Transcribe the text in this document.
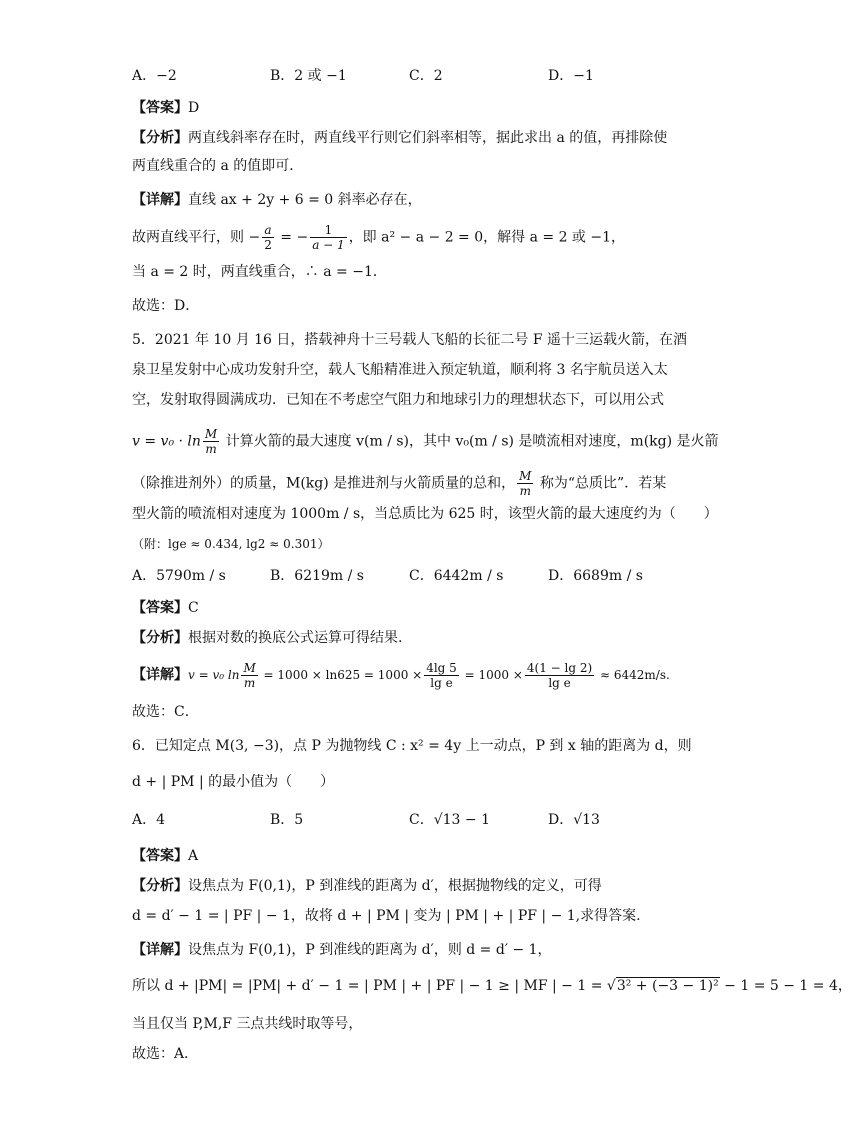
A．−2	B．2 或 −1	C．2	D．−1
【答案】D
【分析】两直线斜率存在时，两直线平行则它们斜率相等，据此求出 a 的值，再排除使
两直线重合的 a 的值即可．
【详解】直线 ax + 2y + 6 = 0 斜率必存在，
故两直线平行，则 − $\frac{a}{2}$ = − $\frac{1}{a - 1}$ ，即 a² − a − 2 = 0，解得 a = 2 或 −1，
当 a = 2 时，两直线重合，∴ a = −1．
故选：D．
5．2021 年 10 月 16 日，搭载神舟十三号载人飞船的长征二号 F 遥十三运载火箭，在酒
泉卫星发射中心成功发射升空，载人飞船精准进入预定轨道，顺利将 3 名宇航员送入太
空，发射取得圆满成功．已知在不考虑空气阻力和地球引力的理想状态下，可以用公式
$v = v_0 \cdot \ln \frac{M}{m}$ 计算火箭的最大速度 v(m / s)，其中 v₀(m / s) 是喷流相对速度，m(kg) 是火箭
（除推进剂外）的质量，M(kg) 是推进剂与火箭质量的总和， $\frac{M}{m}$ 称为“总质比”．若某
型火箭的喷流相对速度为 1000m / s，当总质比为 625 时，该型火箭的最大速度约为（　　）
（附：lge ≈ 0.434, lg2 ≈ 0.301）
A．5790m / s	B．6219m / s	C．6442m / s	D．6689m / s
【答案】C
【分析】根据对数的换底公式运算可得结果.
【详解】v = v₀ $\ln \frac{M}{m} = 1000 \times \ln 625 = 1000 \times \frac{4\lg 5}{\text{lg e}} = 1000 \times \frac{4(1 - \lg 2)}{\text{lg e}} \approx 6442m/s$.
故选：C．
6．已知定点 M(3, −3)，点 P 为抛物线 C : x² = 4y 上一动点，P 到 x 轴的距离为 d，则
d + | PM | 的最小值为（　　）
A．4	B．5	C．√13 − 1	D．√13
【答案】A
【分析】设焦点为 F(0,1)，P 到准线的距离为 d′，根据抛物线的定义，可得
d = d′ − 1 = | PF | − 1，故将 d + | PM | 变为 | PM | + | PF | − 1,求得答案.
【详解】设焦点为 F(0,1)，P 到准线的距离为 d′，则 d = d′ − 1，
所以 d + |PM| = |PM| + d′ − 1 = | PM | + | PF | − 1 ≥ | MF | − 1 = √3² + (−3 − 1)² − 1 = 5 − 1 = 4，
当且仅当 P,M,F 三点共线时取等号，
故选：A．
